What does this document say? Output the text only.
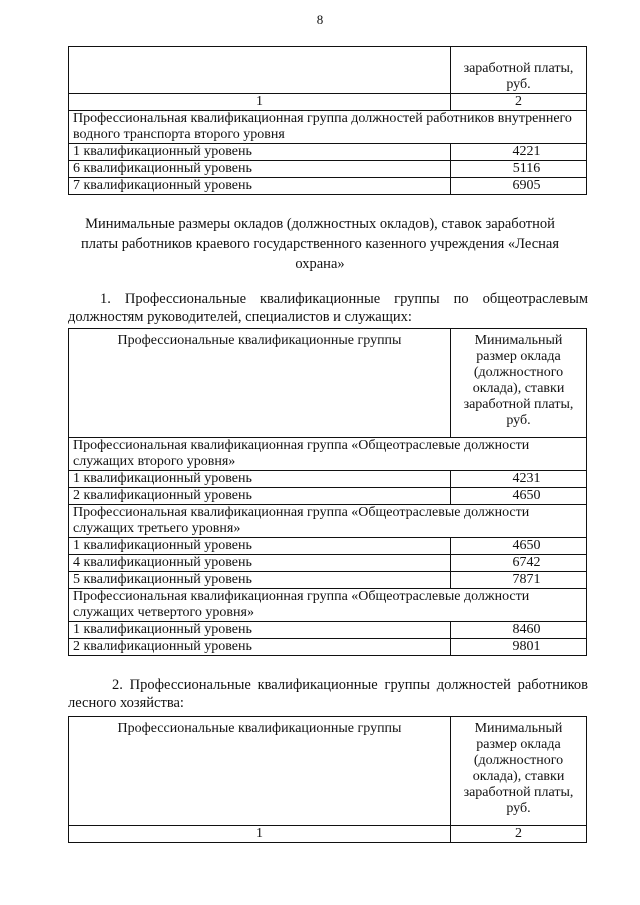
8
	заработной платы, руб.
1	2
Профессиональная квалификационная группа должностей работников внутреннего водного транспорта второго уровня	
1 квалификационный уровень	4221
6 квалификационный уровень	5116
7 квалификационный уровень	6905
Минимальные размеры окладов (должностных окладов), ставок заработной платы работников краевого государственного казенного учреждения «Лесная охрана»
1. Профессиональные квалификационные группы по общеотраслевым должностям руководителей, специалистов и служащих:
Профессиональные квалификационные группы	Минимальный размер оклада (должностного оклада), ставки заработной платы, руб.
Профессиональная квалификационная группа «Общеотраслевые должности служащих второго уровня»	
1 квалификационный уровень	4231
2 квалификационный уровень	4650
Профессиональная квалификационная группа «Общеотраслевые должности служащих третьего уровня»	
1 квалификационный уровень	4650
4 квалификационный уровень	6742
5 квалификационный уровень	7871
Профессиональная квалификационная группа «Общеотраслевые должности служащих четвертого уровня»	
1 квалификационный уровень	8460
2 квалификационный уровень	9801
2. Профессиональные квалификационные группы должностей работников лесного хозяйства:
Профессиональные квалификационные группы	Минимальный размер оклада (должностного оклада), ставки заработной платы, руб.
1	2
